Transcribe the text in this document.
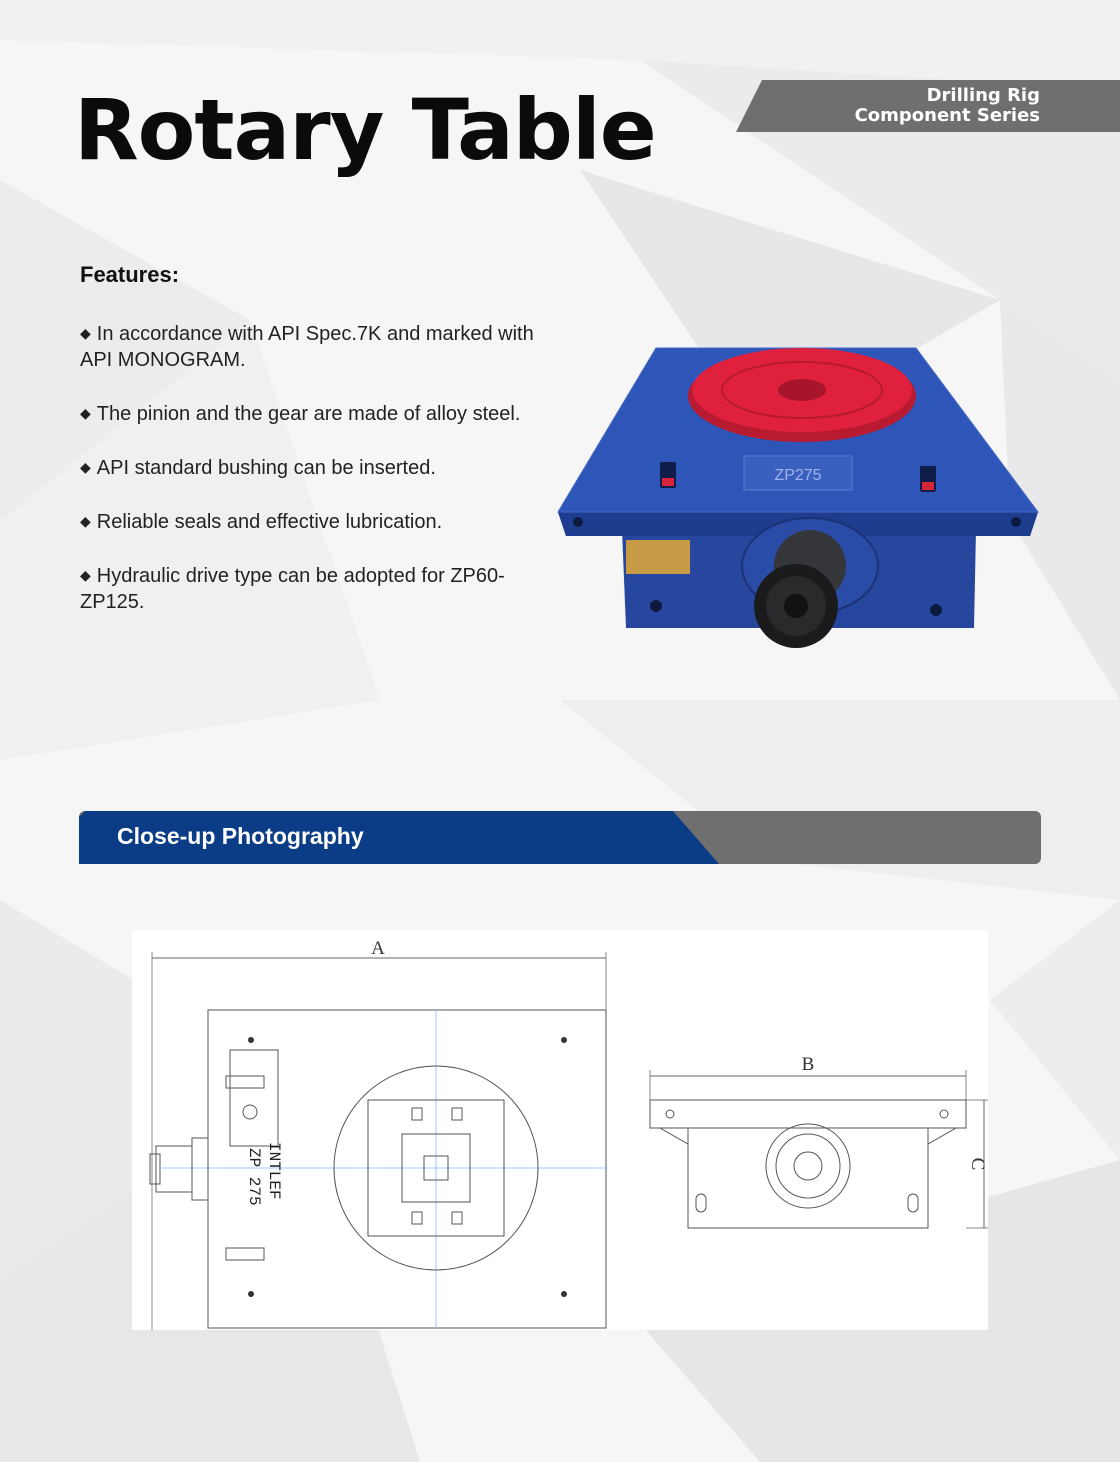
Rotary Table	Drilling Rig
Component Series
Features:
◆ In accordance with API Spec.7K and marked with API MONOGRAM.
◆ The pinion and the gear are made of alloy steel.
◆ API standard bushing can be inserted.
◆ Reliable seals and effective lubrication.
◆ Hydraulic drive type can be adopted for ZP60-ZP125.
ZP275
Close-up Photography
A
INTLEF
ZP 275
B
C
